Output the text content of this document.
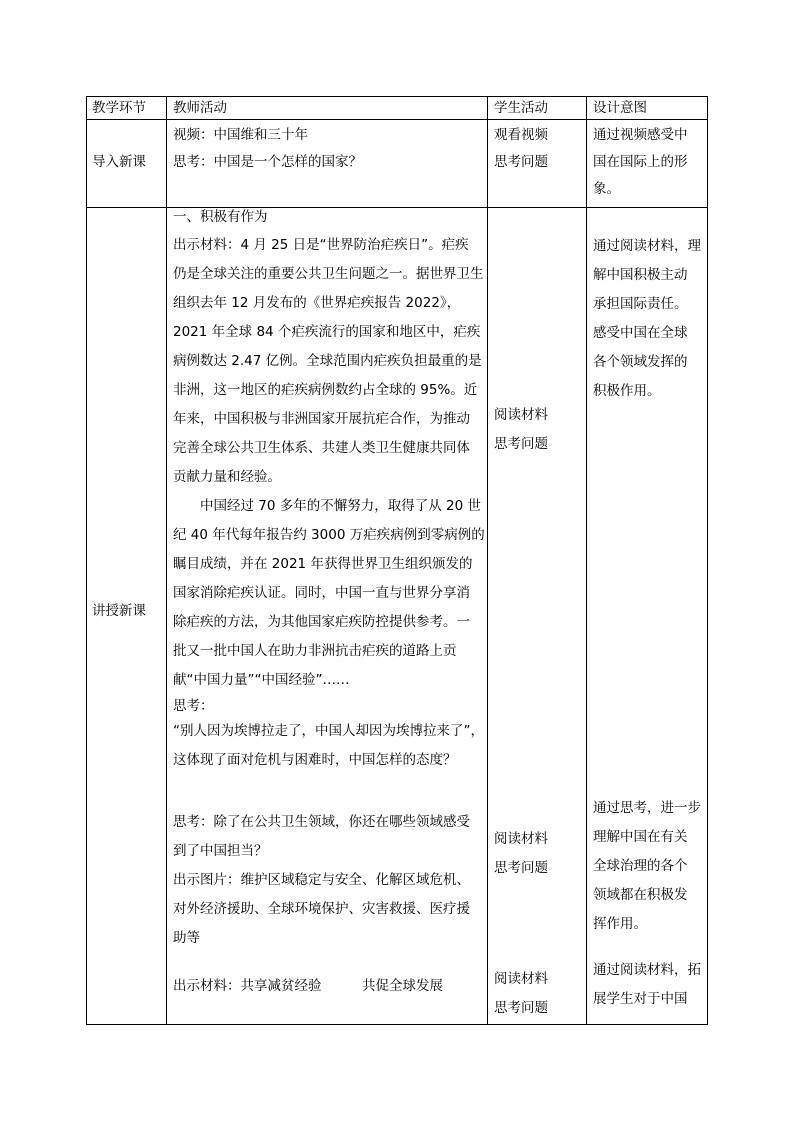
教学环节 教师活动	学生活动	设计意图
导入新课
视频：中国维和三十年
思考：中国是一个怎样的国家？
观看视频
思考问题
通过视频感受中
国在国际上的形
象。
讲授新课
一、积极有作为
出示材料：4 月 25 日是“世界防治疟疾日”。疟疾
仍是全球关注的重要公共卫生问题之一。据世界卫生
组织去年 12 月发布的《世界疟疾报告 2022》，
2021 年全球 84 个疟疾流行的国家和地区中，疟疾
病例数达 2.47 亿例。全球范围内疟疾负担最重的是
非洲，这一地区的疟疾病例数约占全球的 95%。近
年来，中国积极与非洲国家开展抗疟合作，为推动
完善全球公共卫生体系、共建人类卫生健康共同体
贡献力量和经验。
　　中国经过 70 多年的不懈努力，取得了从 20 世
纪 40 年代每年报告约 3000 万疟疾病例到零病例的
瞩目成绩，并在 2021 年获得世界卫生组织颁发的
国家消除疟疾认证。同时，中国一直与世界分享消
除疟疾的方法，为其他国家疟疾防控提供参考。一
批又一批中国人在助力非洲抗击疟疾的道路上贡
献“中国力量”“中国经验”……
思考：
“别人因为埃博拉走了，中国人却因为埃博拉来了”，
这体现了面对危机与困难时，中国怎样的态度？
思考：除了在公共卫生领域，你还在哪些领域感受
到了中国担当？
出示图片：维护区域稳定与安全、化解区域危机、
对外经济援助、全球环境保护、灾害救援、医疗援
助等
出示材料：共享减贫经验　　　共促全球发展
阅读材料
思考问题
阅读材料
思考问题
阅读材料
思考问题
通过阅读材料，理
解中国积极主动
承担国际责任。
感受中国在全球
各个领域发挥的
积极作用。
通过思考，进一步
理解中国在有关
全球治理的各个
领域都在积极发
挥作用。
通过阅读材料，拓
展学生对于中国
